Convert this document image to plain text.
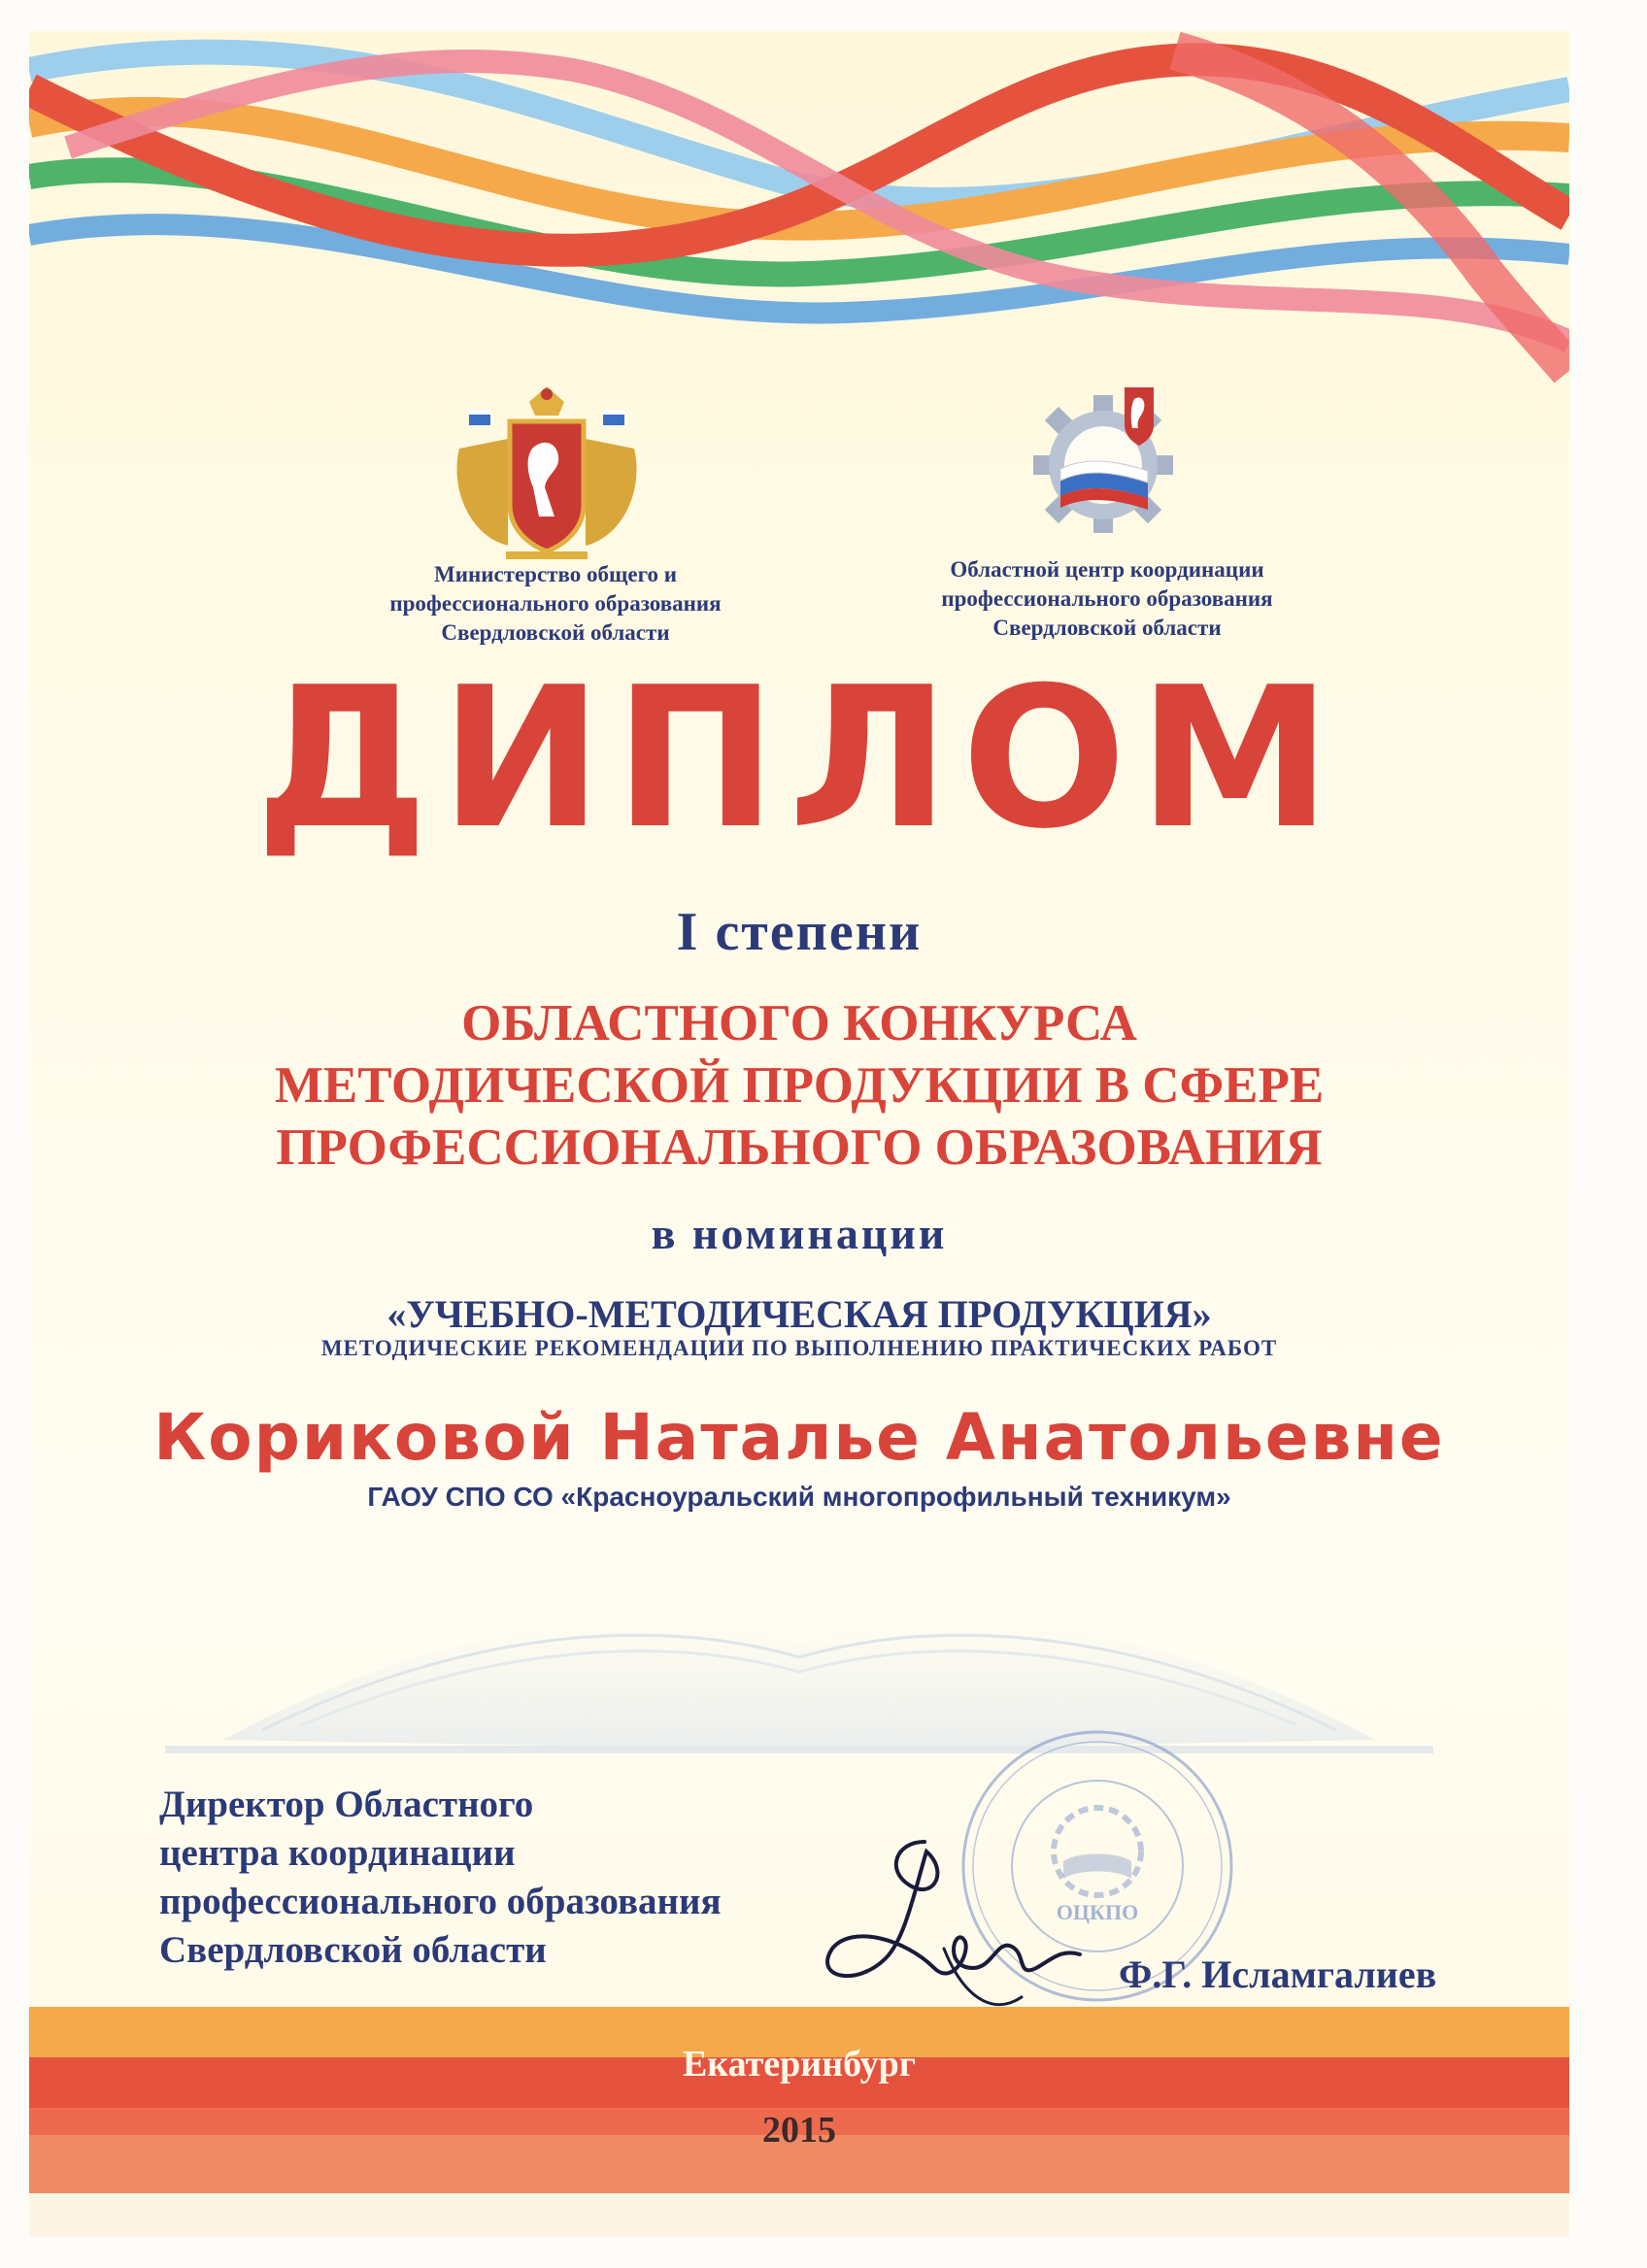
Министерство общего и
профессионального образования
Свердловской области
Областной центр координации
профессионального образования
Свердловской области
ДИПЛОМ
I степени
ОБЛАСТНОГО КОНКУРСА
МЕТОДИЧЕСКОЙ ПРОДУКЦИИ В СФЕРЕ
ПРОФЕССИОНАЛЬНОГО ОБРАЗОВАНИЯ
в номинации
«УЧЕБНО-МЕТОДИЧЕСКАЯ ПРОДУКЦИЯ»
МЕТОДИЧЕСКИЕ РЕКОМЕНДАЦИИ ПО ВЫПОЛНЕНИЮ ПРАКТИЧЕСКИХ РАБОТ
Кориковой Наталье Анатольевне
ГАОУ СПО СО «Красноуральский многопрофильный техникум»
ОЦКПО
Директор Областного
центра координации
профессионального образования
Свердловской области
Ф.Г. Исламгалиев
Екатеринбург
2015
